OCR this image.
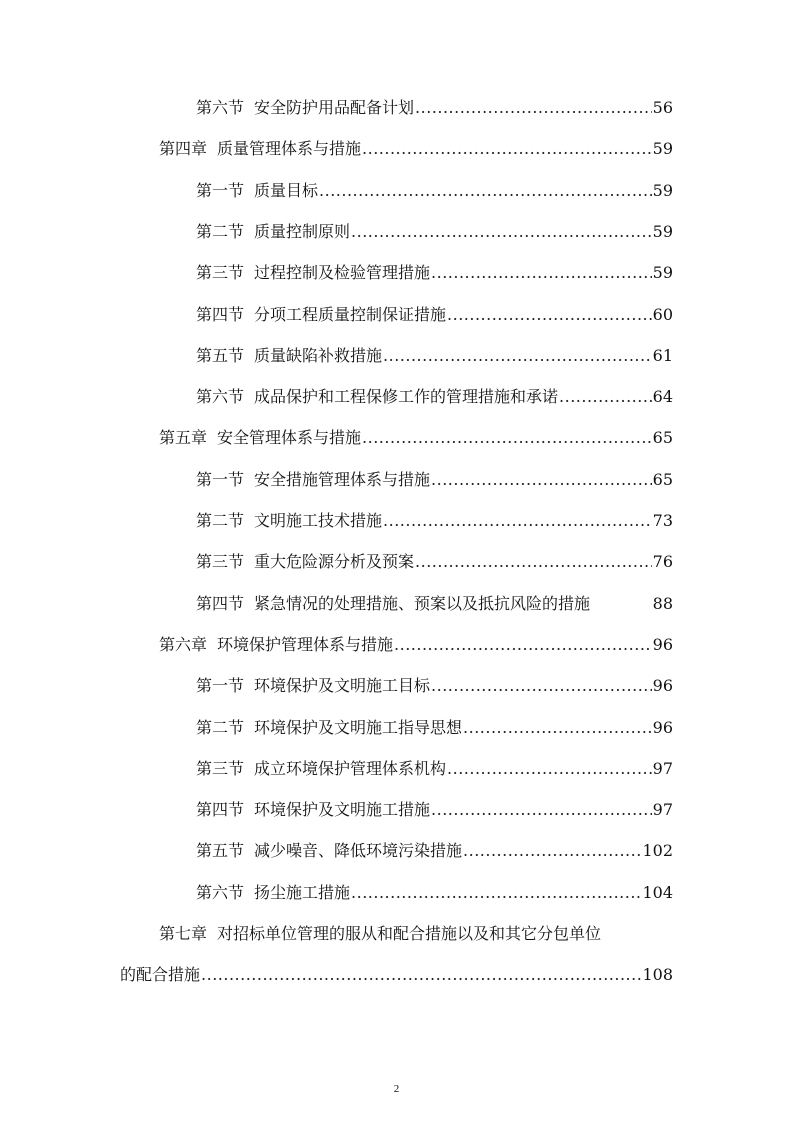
第六节 安全防护用品配备计划 .....	56
第四章 质量管理体系与措施 .....	59
第一节 质量目标 .....	59
第二节 质量控制原则 .....	59
第三节 过程控制及检验管理措施 .....	59
第四节 分项工程质量控制保证措施 .....	60
第五节 质量缺陷补救措施 .....	61
第六节 成品保护和工程保修工作的管理措施和承诺 .....	64
第五章 安全管理体系与措施 .....	65
第一节 安全措施管理体系与措施 .....	65
第二节 文明施工技术措施 .....	73
第三节 重大危险源分析及预案 .....	76
第四节 紧急情况的处理措施、预案以及抵抗风险的措施	88
第六章 环境保护管理体系与措施 .....	96
第一节 环境保护及文明施工目标 .....	96
第二节 环境保护及文明施工指导思想 .....	96
第三节 成立环境保护管理体系机构 .....	97
第四节 环境保护及文明施工措施 .....	97
第五节 减少噪音、降低环境污染措施 .....	102
第六节 扬尘施工措施 .....	104
第七章 对招标单位管理的服从和配合措施以及和其它分包单位
的配合措施 .....	108
2
